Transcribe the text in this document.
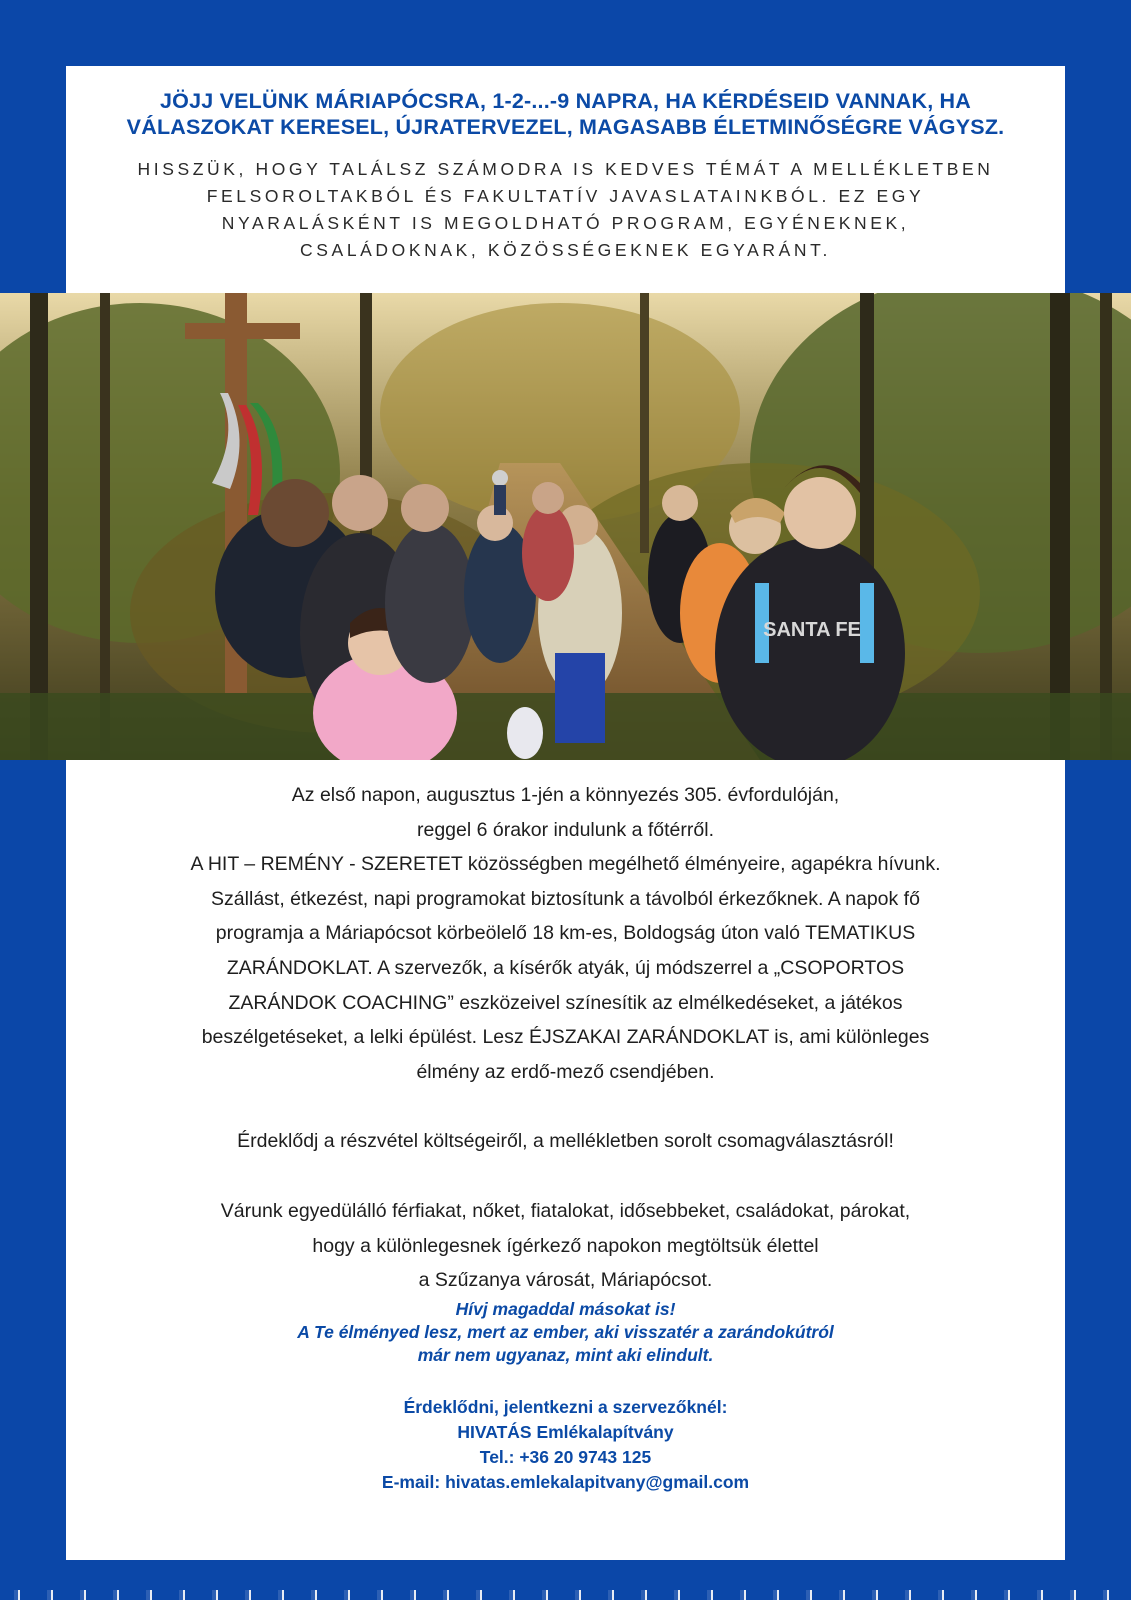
JÖJJ VELÜNK MÁRIAPÓCSRA, 1-2-...-9 NAPRA, HA KÉRDÉSEID VANNAK, HA
VÁLASZOKAT KERESEL, ÚJRATERVEZEL, MAGASABB ÉLETMINŐSÉGRE VÁGYSZ.
HISSZÜK, HOGY TALÁLSZ SZÁMODRA IS KEDVES TÉMÁT A MELLÉKLETBEN
FELSOROLTAKBÓL ÉS FAKULTATÍV JAVASLATAINKBÓL. EZ EGY
NYARALÁSKÉNT IS MEGOLDHATÓ PROGRAM, EGYÉNEKNEK,
CSALÁDOKNAK, KÖZÖSSÉGEKNEK EGYARÁNT.
SANTA FE
Az első napon, augusztus 1-jén a könnyezés 305. évfordulóján,
reggel 6 órakor indulunk a főtérről.
A HIT – REMÉNY - SZERETET közösségben megélhető élményeire, agapékra hívunk.
Szállást, étkezést, napi programokat biztosítunk a távolból érkezőknek. A napok fő
programja a Máriapócsot körbeölelő 18 km-es, Boldogság úton való TEMATIKUS
ZARÁNDOKLAT. A szervezők, a kísérők atyák, új módszerrel a „CSOPORTOS
ZARÁNDOK COACHING” eszközeivel színesítik az elmélkedéseket, a játékos
beszélgetéseket, a lelki épülést. Lesz ÉJSZAKAI ZARÁNDOKLAT is, ami különleges
élmény az erdő-mező csendjében.
Érdeklődj a részvétel költségeiről, a mellékletben sorolt csomagválasztásról!
Várunk egyedülálló férfiakat, nőket, fiatalokat, idősebbeket, családokat, párokat,
hogy a különlegesnek ígérkező napokon megtöltsük élettel
a Szűzanya városát, Máriapócsot.
Hívj magaddal másokat is!
A Te élményed lesz, mert az ember, aki visszatér a zarándokútról
már nem ugyanaz, mint aki elindult.
Érdeklődni, jelentkezni a szervezőknél:
HIVATÁS Emlékalapítvány
Tel.: +36 20 9743 125
E-mail: hivatas.emlekalapitvany@gmail.com
